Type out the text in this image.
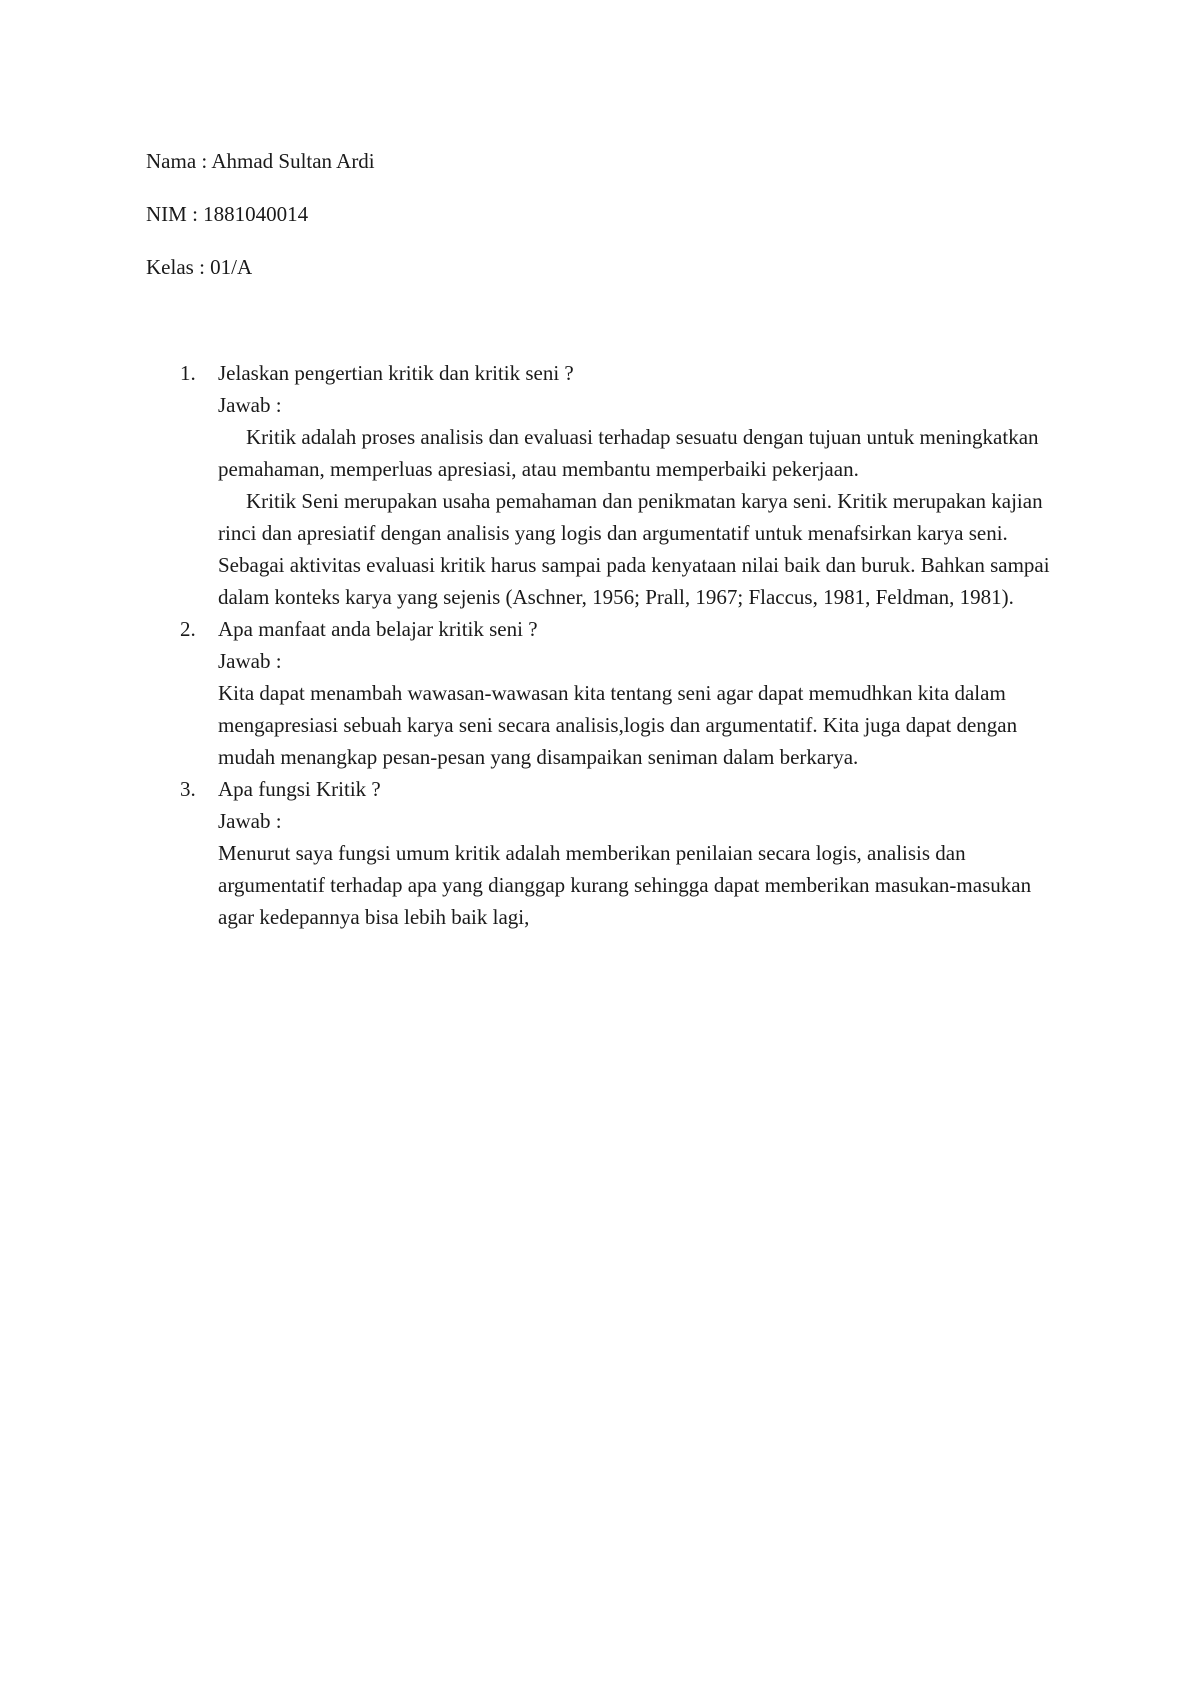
Nama : Ahmad Sultan Ardi
NIM : 1881040014
Kelas : 01/A
1. Jelaskan pengertian kritik dan kritik seni ?
Jawab :
Kritik adalah proses analisis dan evaluasi terhadap sesuatu dengan tujuan untuk meningkatkan pemahaman, memperluas apresiasi, atau membantu memperbaiki pekerjaan.
Kritik Seni merupakan usaha pemahaman dan penikmatan karya seni. Kritik merupakan kajian rinci dan apresiatif dengan analisis yang logis dan argumentatif untuk menafsirkan karya seni. Sebagai aktivitas evaluasi kritik harus sampai pada kenyataan nilai baik dan buruk. Bahkan sampai dalam konteks karya yang sejenis (Aschner, 1956; Prall, 1967; Flaccus, 1981, Feldman, 1981).
2. Apa manfaat anda belajar kritik seni ?
Jawab :
Kita dapat menambah wawasan-wawasan kita tentang seni agar dapat memudhkan kita dalam mengapresiasi sebuah karya seni secara analisis,logis dan argumentatif. Kita juga dapat dengan mudah menangkap pesan-pesan yang disampaikan seniman dalam berkarya.
3. Apa fungsi Kritik ?
Jawab :
Menurut saya fungsi umum kritik adalah memberikan penilaian secara logis, analisis dan argumentatif terhadap apa yang dianggap kurang sehingga dapat memberikan masukan-masukan agar kedepannya bisa lebih baik lagi,
